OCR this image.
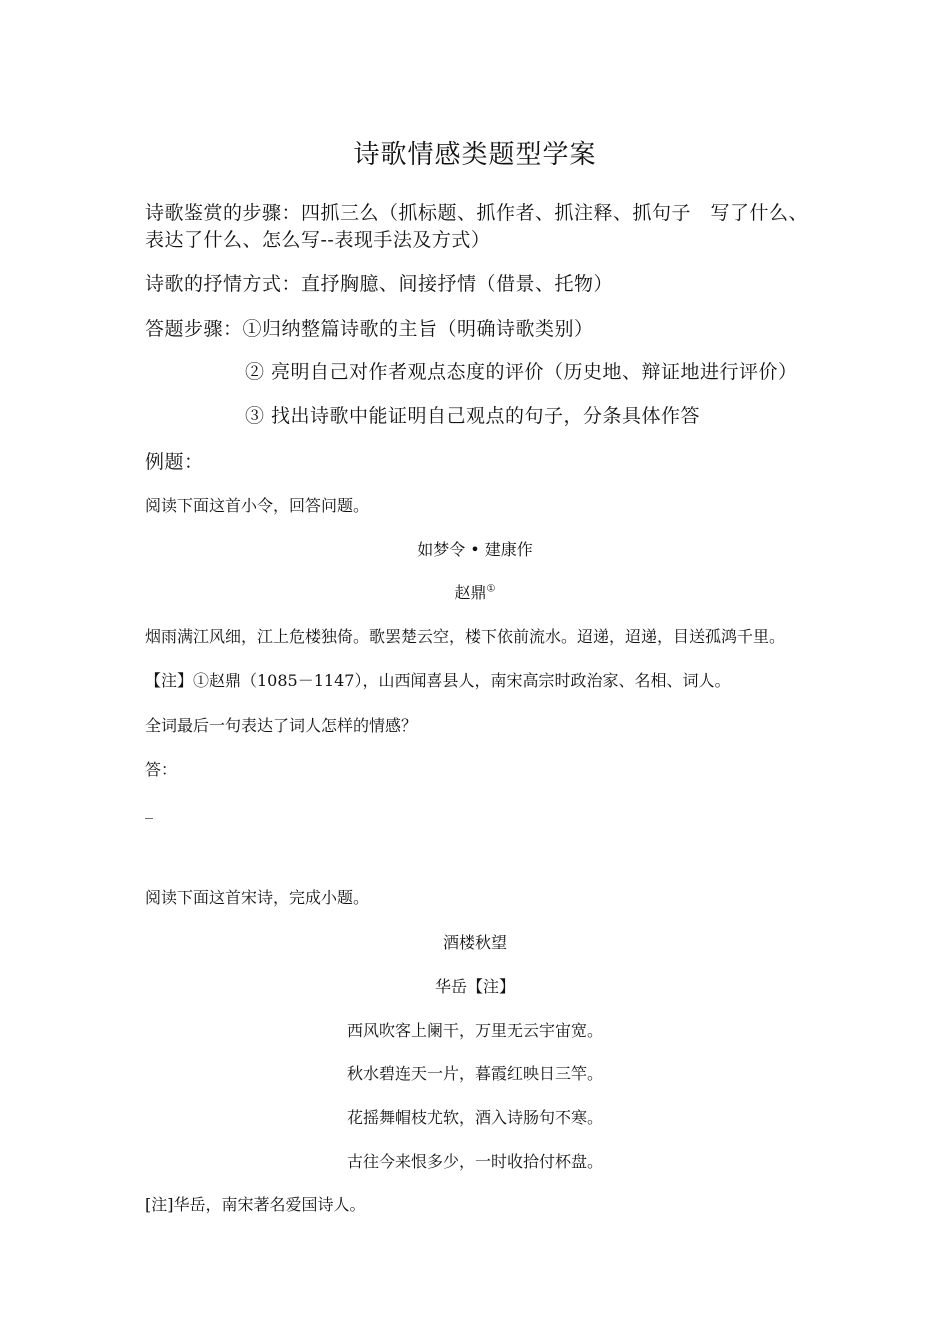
诗歌情感类题型学案
诗歌鉴赏的步骤：四抓三么（抓标题、抓作者、抓注释、抓句子　写了什么、
表达了什么、怎么写--表现手法及方式）
诗歌的抒情方式：直抒胸臆、间接抒情（借景、托物）
答题步骤：①归纳整篇诗歌的主旨（明确诗歌类别）
② 亮明自己对作者观点态度的评价（历史地、辩证地进行评价）
③ 找出诗歌中能证明自己观点的句子，分条具体作答
例题：
阅读下面这首小令，回答问题。
如梦令 • 建康作
赵鼎①
烟雨满江风细，江上危楼独倚。歌罢楚云空，楼下依前流水。迢递，迢递，目送孤鸿千里。
【注】①赵鼎（1085－1147），山西闻喜县人，南宋高宗时政治家、名相、词人。
全词最后一句表达了词人怎样的情感？
答：
_
阅读下面这首宋诗，完成小题。
酒楼秋望
华岳【注】
西风吹客上阑干，万里无云宇宙宽。
秋水碧连天一片，暮霞红映日三竿。
花摇舞帽枝尤软，酒入诗肠句不寒。
古往今来恨多少，一时收拾付杯盘。
[注]华岳，南宋著名爱国诗人。
